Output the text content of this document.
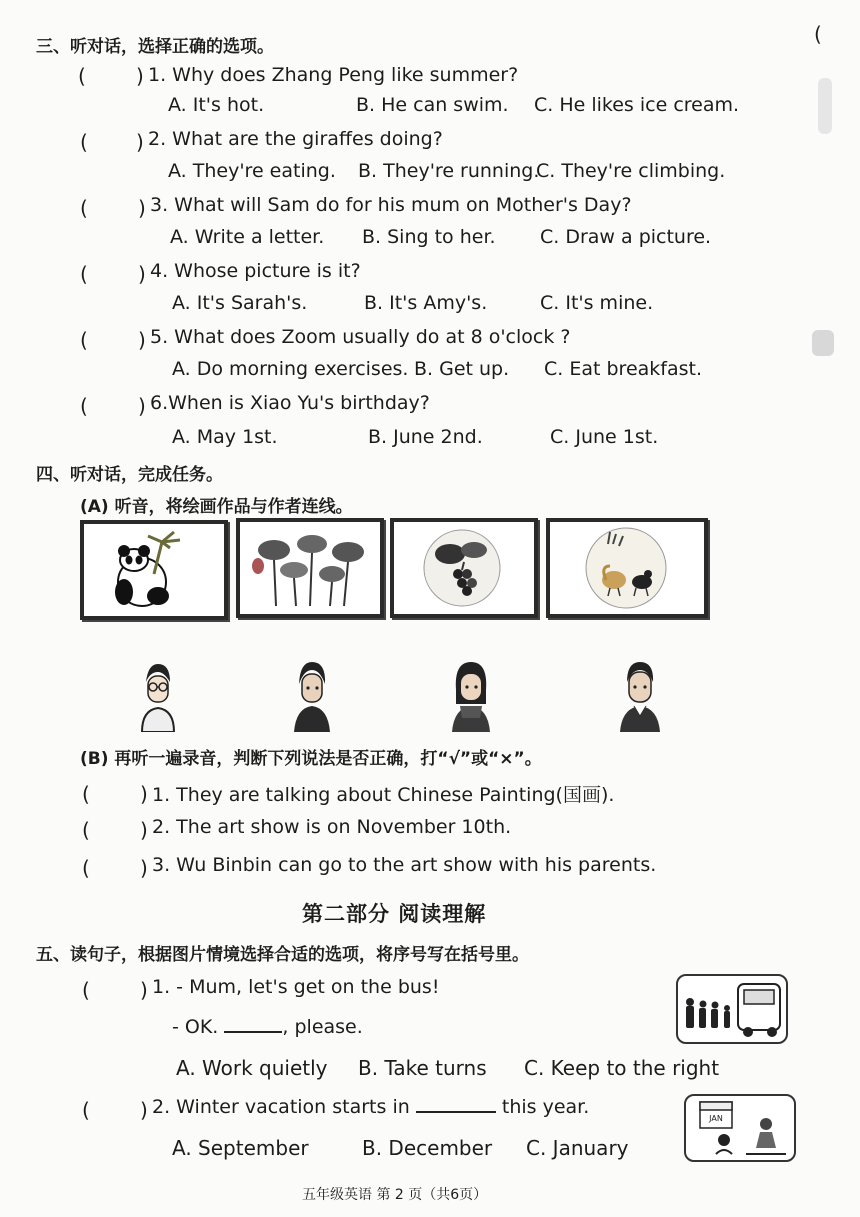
(
三、听对话，选择正确的选项。
(	) 1. Why does Zhang Peng like summer?
A. It's hot.	B. He can swim. C. He likes ice cream.
( ) 2. What are the giraffes doing?
A. They're eating. B. They're running.
C. They're climbing.
(	) 3. What will Sam do for his mum on Mother's Day?
A. Write a letter. B. Sing to her. C. Draw a picture.
(	) 4. Whose picture is it?
A. It's Sarah's.	B. It's Amy's.	C. It's mine.
(	) 5. What does Zoom usually do at 8 o'clock ?
A. Do morning exercises. B. Get up. C. Eat breakfast.
(	) 6.When is Xiao Yu's birthday?
A. May 1st.	B. June 2nd.	C. June 1st.
四、听对话，完成任务。
(A) 听音，将绘画作品与作者连线。
(B) 再听一遍录音，判断下列说法是否正确，打“√”或“×”。
(	) 1. They are talking about Chinese Painting(国画).
(	) 2. The art show is on November 10th.
(	) 3. Wu Binbin can go to the art show with his parents.
第二部分 阅读理解
五、读句子，根据图片情境选择合适的选项，将序号写在括号里。
(	) 1. - Mum, let's get on the bus!
- OK.	, please.
A. Work quietly B. Take turns C. Keep to the right
(	) 2. Winter vacation starts in	this year.
A. September	B. December C. January
JAN
五年级英语 第 2 页（共6页）
